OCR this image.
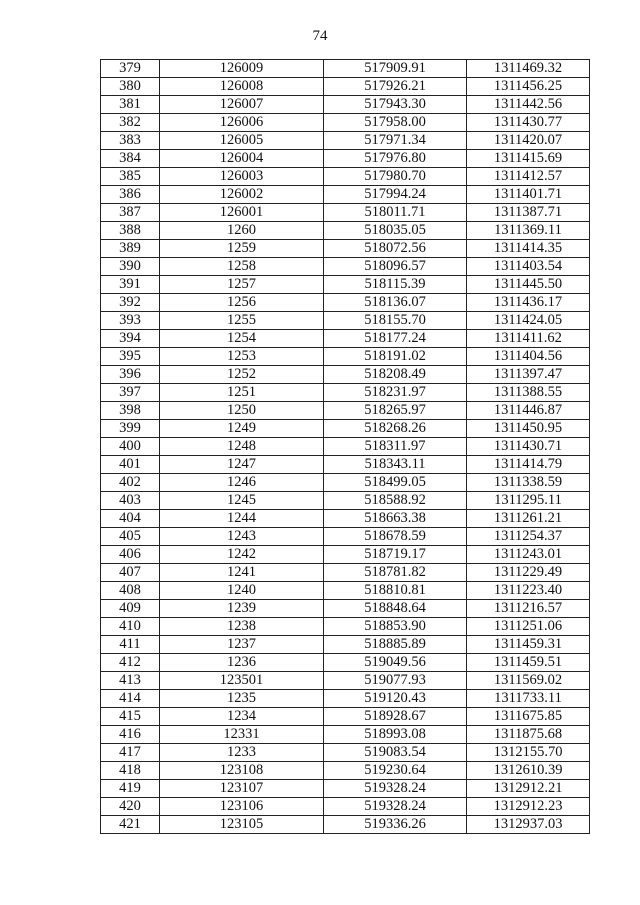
74
379	126009	517909.91	1311469.32
380	126008	517926.21	1311456.25
381	126007	517943.30	1311442.56
382	126006	517958.00	1311430.77
383	126005	517971.34	1311420.07
384	126004	517976.80	1311415.69
385	126003	517980.70	1311412.57
386	126002	517994.24	1311401.71
387	126001	518011.71	1311387.71
388	1260	518035.05	1311369.11
389	1259	518072.56	1311414.35
390	1258	518096.57	1311403.54
391	1257	518115.39	1311445.50
392	1256	518136.07	1311436.17
393	1255	518155.70	1311424.05
394	1254	518177.24	1311411.62
395	1253	518191.02	1311404.56
396	1252	518208.49	1311397.47
397	1251	518231.97	1311388.55
398	1250	518265.97	1311446.87
399	1249	518268.26	1311450.95
400	1248	518311.97	1311430.71
401	1247	518343.11	1311414.79
402	1246	518499.05	1311338.59
403	1245	518588.92	1311295.11
404	1244	518663.38	1311261.21
405	1243	518678.59	1311254.37
406	1242	518719.17	1311243.01
407	1241	518781.82	1311229.49
408	1240	518810.81	1311223.40
409	1239	518848.64	1311216.57
410	1238	518853.90	1311251.06
411	1237	518885.89	1311459.31
412	1236	519049.56	1311459.51
413	123501	519077.93	1311569.02
414	1235	519120.43	1311733.11
415	1234	518928.67	1311675.85
416	12331	518993.08	1311875.68
417	1233	519083.54	1312155.70
418	123108	519230.64	1312610.39
419	123107	519328.24	1312912.21
420	123106	519328.24	1312912.23
421	123105	519336.26	1312937.03
